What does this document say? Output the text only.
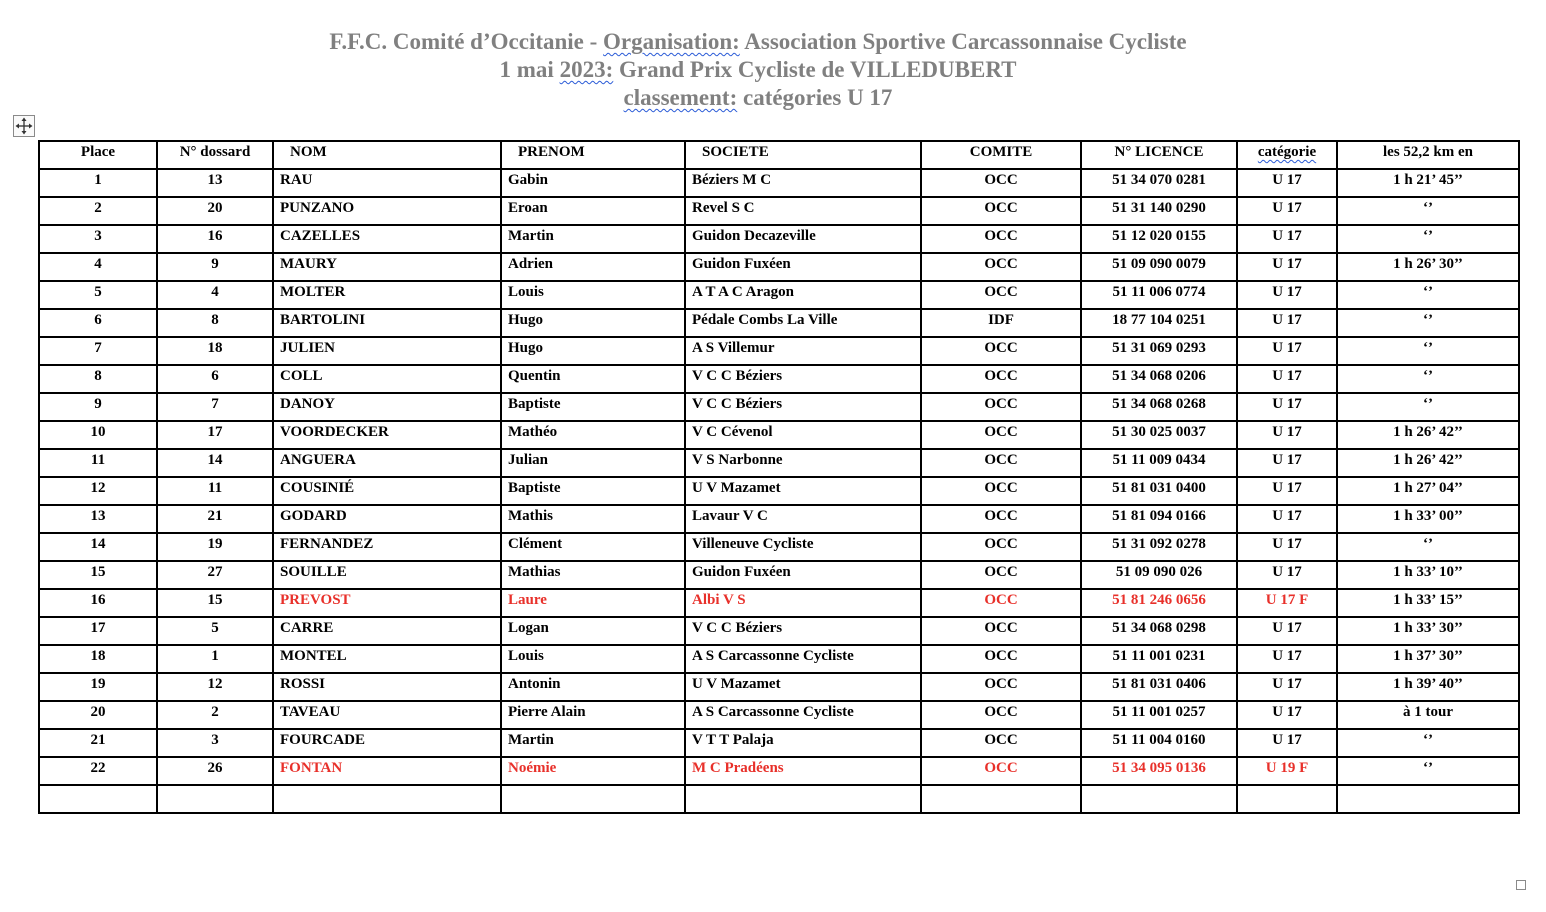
F.F.C. Comité d’Occitanie - Organisation: Association Sportive Carcassonnaise Cycliste
1 mai 2023: Grand Prix Cycliste de VILLEDUBERT
classement: catégories U 17
Place	N° dossard	NOM	PRENOM	SOCIETE	COMITE	N° LICENCE	catégorie	les 52,2 km en
1	13	RAU	Gabin	Béziers M C	OCC	51 34 070 0281	U 17	1 h 21’ 45’’
2	20	PUNZANO	Eroan	Revel S C	OCC	51 31 140 0290	U 17	‘’
3	16	CAZELLES	Martin	Guidon Decazeville	OCC	51 12 020 0155	U 17	‘’
4	9	MAURY	Adrien	Guidon Fuxéen	OCC	51 09 090 0079	U 17	1 h 26’ 30’’
5	4	MOLTER	Louis	A T A C Aragon	OCC	51 11 006 0774	U 17	‘’
6	8	BARTOLINI	Hugo	Pédale Combs La Ville	IDF	18 77 104 0251	U 17	‘’
7	18	JULIEN	Hugo	A S Villemur	OCC	51 31 069 0293	U 17	‘’
8	6	COLL	Quentin	V C C Béziers	OCC	51 34 068 0206	U 17	‘’
9	7	DANOY	Baptiste	V C C Béziers	OCC	51 34 068 0268	U 17	‘’
10	17	VOORDECKER	Mathéo	V C Cévenol	OCC	51 30 025 0037	U 17	1 h 26’ 42’’
11	14	ANGUERA	Julian	V S Narbonne	OCC	51 11 009 0434	U 17	1 h 26’ 42’’
12	11	COUSINIÉ	Baptiste	U V Mazamet	OCC	51 81 031 0400	U 17	1 h 27’ 04’’
13	21	GODARD	Mathis	Lavaur V C	OCC	51 81 094 0166	U 17	1 h 33’ 00’’
14	19	FERNANDEZ	Clément	Villeneuve Cycliste	OCC	51 31 092 0278	U 17	‘’
15	27	SOUILLE	Mathias	Guidon Fuxéen	OCC	51 09 090 026	U 17	1 h 33’ 10’’
16	15	PREVOST	Laure	Albi V S	OCC	51 81 246 0656	U 17 F	1 h 33’ 15’’
17	5	CARRE	Logan	V C C Béziers	OCC	51 34 068 0298	U 17	1 h 33’ 30’’
18	1	MONTEL	Louis	A S Carcassonne Cycliste	OCC	51 11 001 0231	U 17	1 h 37’ 30’’
19	12	ROSSI	Antonin	U V Mazamet	OCC	51 81 031 0406	U 17	1 h 39’ 40’’
20	2	TAVEAU	Pierre Alain	A S Carcassonne Cycliste	OCC	51 11 001 0257	U 17	à 1 tour
21	3	FOURCADE	Martin	V T T Palaja	OCC	51 11 004 0160	U 17	‘’
22	26	FONTAN	Noémie	M C Pradéens	OCC	51 34 095 0136	U 19 F	‘’
